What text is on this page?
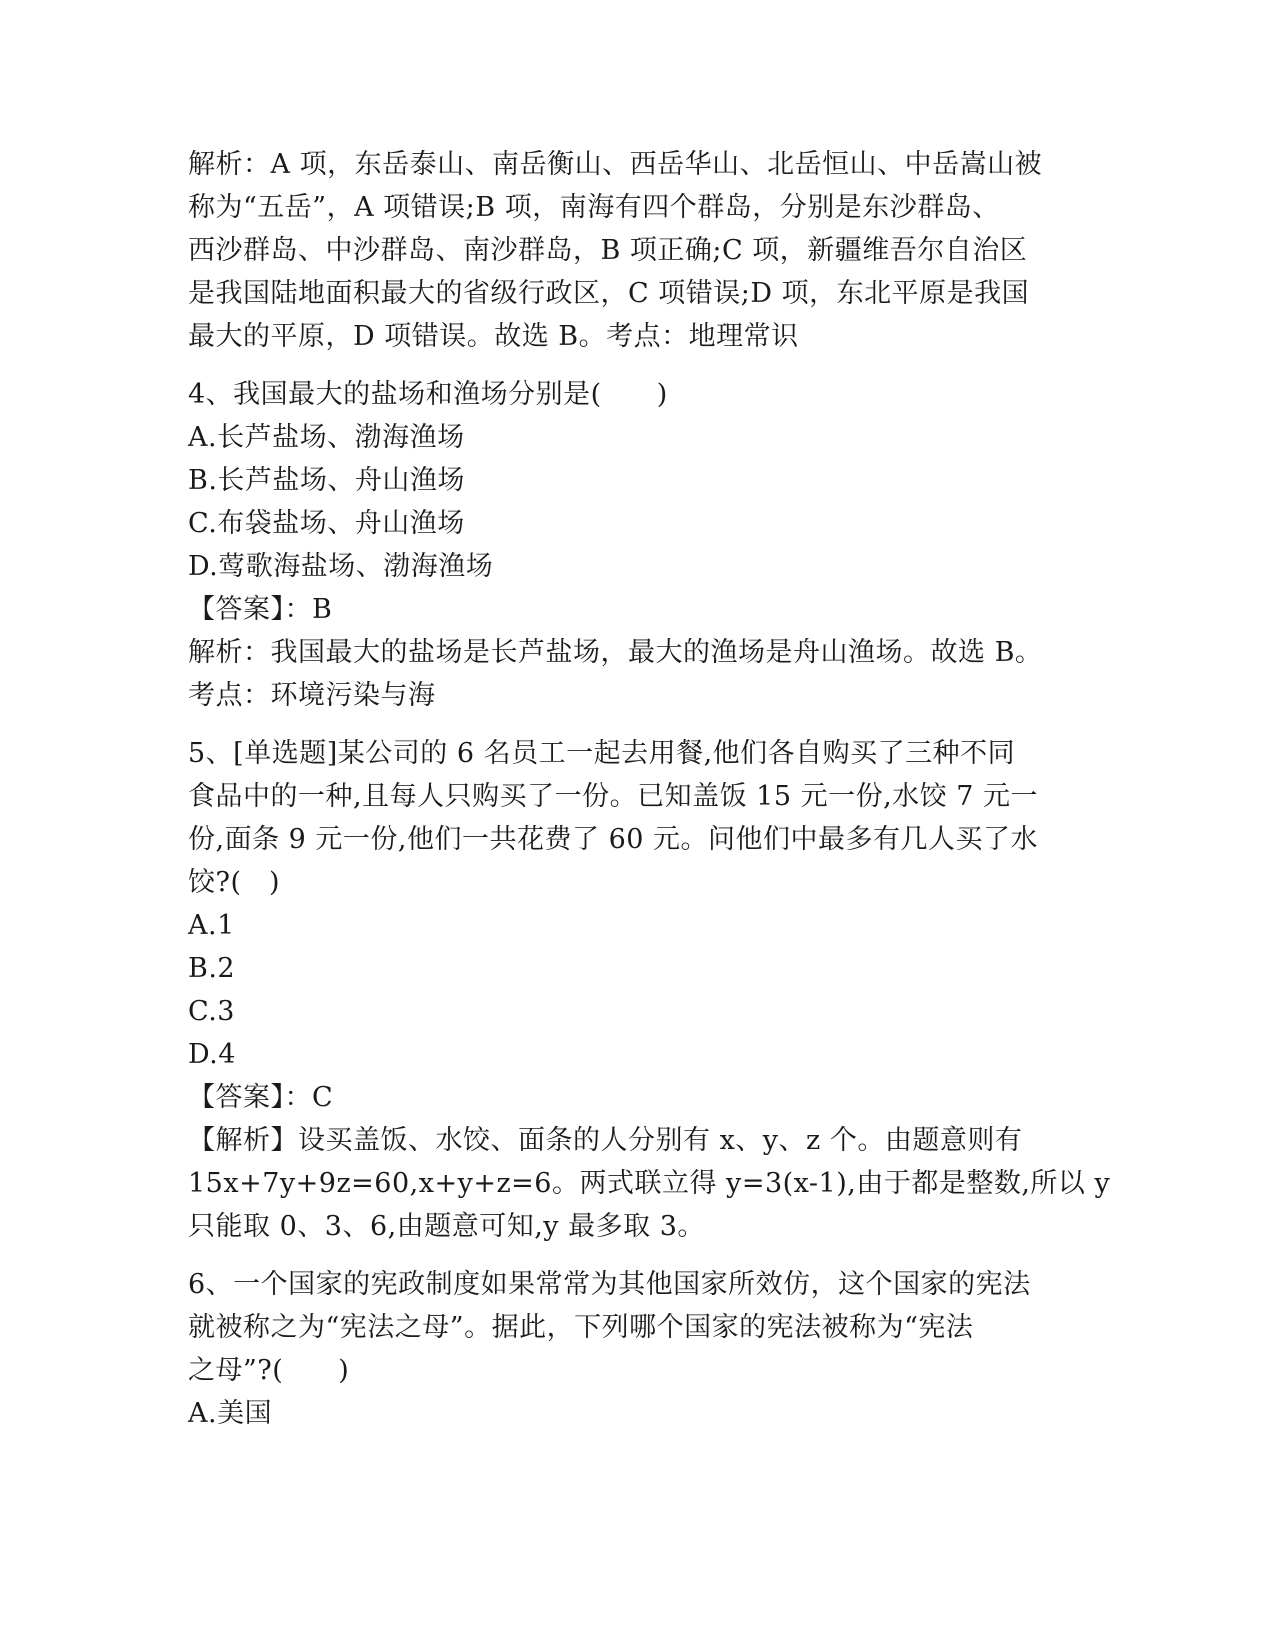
解析：A 项，东岳泰山、南岳衡山、西岳华山、北岳恒山、中岳嵩山被
称为“五岳”，A 项错误;B 项，南海有四个群岛，分别是东沙群岛、
西沙群岛、中沙群岛、南沙群岛，B 项正确;C 项，新疆维吾尔自治区
是我国陆地面积最大的省级行政区，C 项错误;D 项，东北平原是我国
最大的平原，D 项错误。故选 B。考点：地理常识
4、我国最大的盐场和渔场分别是(　　)
A.长芦盐场、渤海渔场
B.长芦盐场、舟山渔场
C.布袋盐场、舟山渔场
D.莺歌海盐场、渤海渔场
【答案】：B
解析：我国最大的盐场是长芦盐场，最大的渔场是舟山渔场。故选 B。
考点：环境污染与海
5、[单选题]某公司的 6 名员工一起去用餐,他们各自购买了三种不同
食品中的一种,且每人只购买了一份。已知盖饭 15 元一份,水饺 7 元一
份,面条 9 元一份,他们一共花费了 60 元。问他们中最多有几人买了水
饺?(　)
A.1
B.2
C.3
D.4
【答案】：C
【解析】设买盖饭、水饺、面条的人分别有 x、y、z 个。由题意则有
15x+7y+9z=60,x+y+z=6。两式联立得 y=3(x-1),由于都是整数,所以 y
只能取 0、3、6,由题意可知,y 最多取 3。
6、一个国家的宪政制度如果常常为其他国家所效仿，这个国家的宪法
就被称之为“宪法之母”。据此，下列哪个国家的宪法被称为“宪法
之母”?(　　)
A.美国
